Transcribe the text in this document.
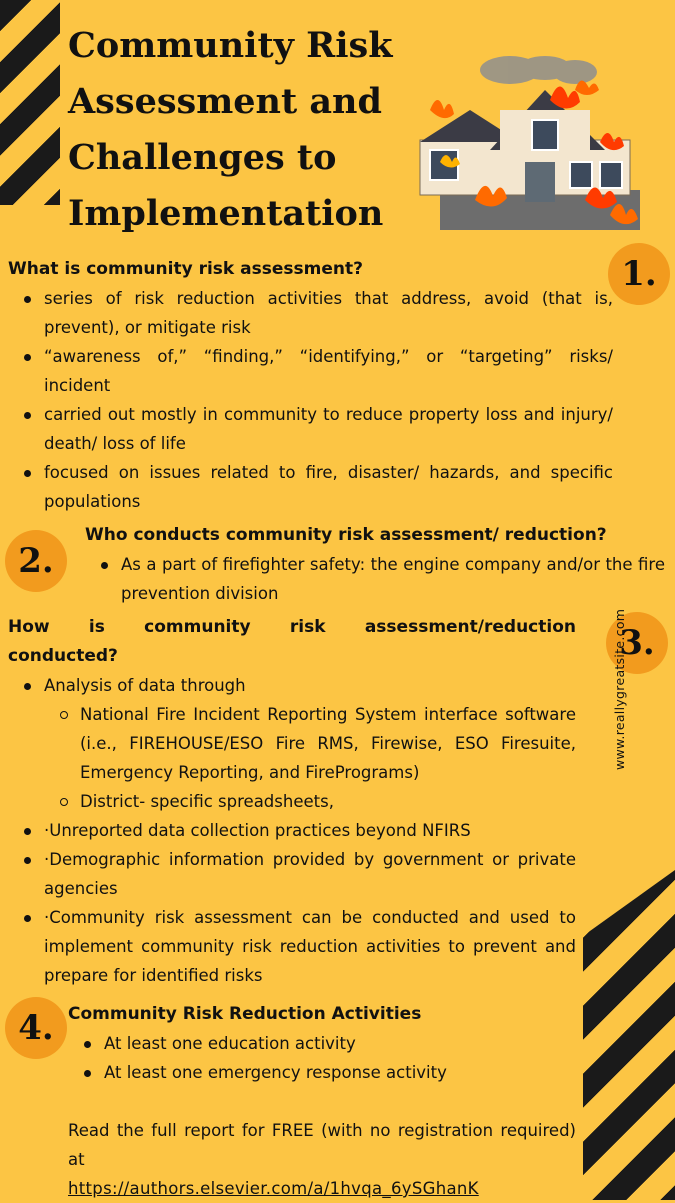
Community Risk Assessment and Challenges to Implementation
1.

What is community risk assessment?

series of risk reduction activities that address, avoid (that is, prevent), or mitigate risk
“awareness of,” “finding,” “identifying,” or “targeting” risks/ incident
carried out mostly in community to reduce property loss and injury/ death/ loss of life
focused on issues related to fire, disaster/ hazards, and specific populations
2.

Who conducts community risk assessment/ reduction?

As a part of firefighter safety: the engine company and/or the fire prevention division
3.

How is community risk assessment/reduction

conducted?

Analysis of data through
National Fire Incident Reporting System interface software (i.e., FIREHOUSE/ESO Fire RMS, Firewise, ESO Firesuite, Emergency Reporting, and FirePrograms)
District- specific spreadsheets,
·Unreported data collection practices beyond NFIRS
·Demographic information provided by government or private agencies
·Community risk assessment can be conducted and used to implement community risk reduction activities to prevent and prepare for identified risks
4. Community Risk Reduction Activities

At least one education activity
At least one emergency response activity
www.reallygreatsite.com
Read the full report for FREE (with no registration required) at
https://authors.elsevier.com/a/1hvqa_6ySGhanK
